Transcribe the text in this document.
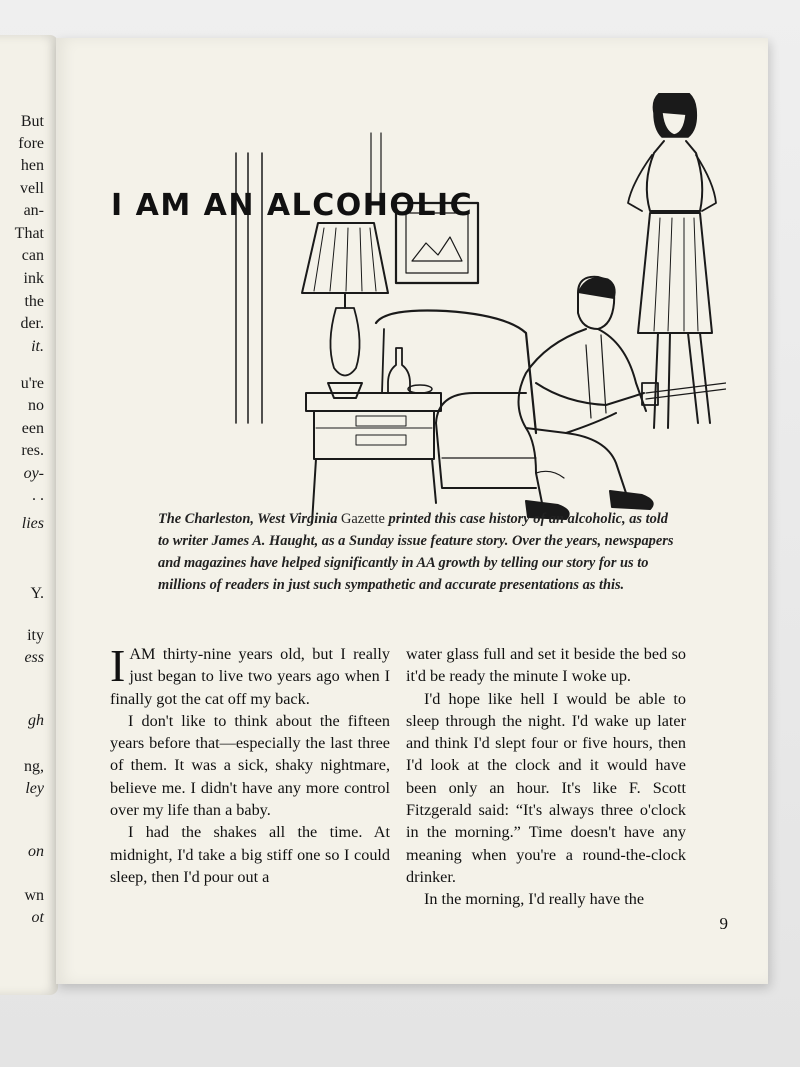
But
fore
hen
vell
an-
That
can
ink
the
der.
it.
u're
no
een
res.
oy-
. .
lies
Y.
ity
ess
gh
ng,
ley
on
wn
ot
I AM AN ALCOHOLIC

The Charleston, West Virginia Gazette printed this case history of an alcoholic, as told to writer James A. Haught, as a Sunday issue feature story. Over the years, newspapers and magazines have helped significantly in AA growth by telling our story for us to millions of readers in just such sympathetic and accurate presentations as this.

IAM thirty-nine years old, but I really just began to live two years ago when I finally got the cat off my back.

I don't like to think about the fifteen years before that—especially the last three of them. It was a sick, shaky nightmare, believe me. I didn't have any more control over my life than a baby.

I had the shakes all the time. At midnight, I'd take a big stiff one so I could sleep, then I'd pour out a

water glass full and set it beside the bed so it'd be ready the minute I woke up.

I'd hope like hell I would be able to sleep through the night. I'd wake up later and think I'd slept four or five hours, then I'd look at the clock and it would have been only an hour. It's like F. Scott Fitzgerald said: “It's always three o'clock in the morning.” Time doesn't have any meaning when you're a round-the-clock drinker.

In the morning, I'd really have the

9
